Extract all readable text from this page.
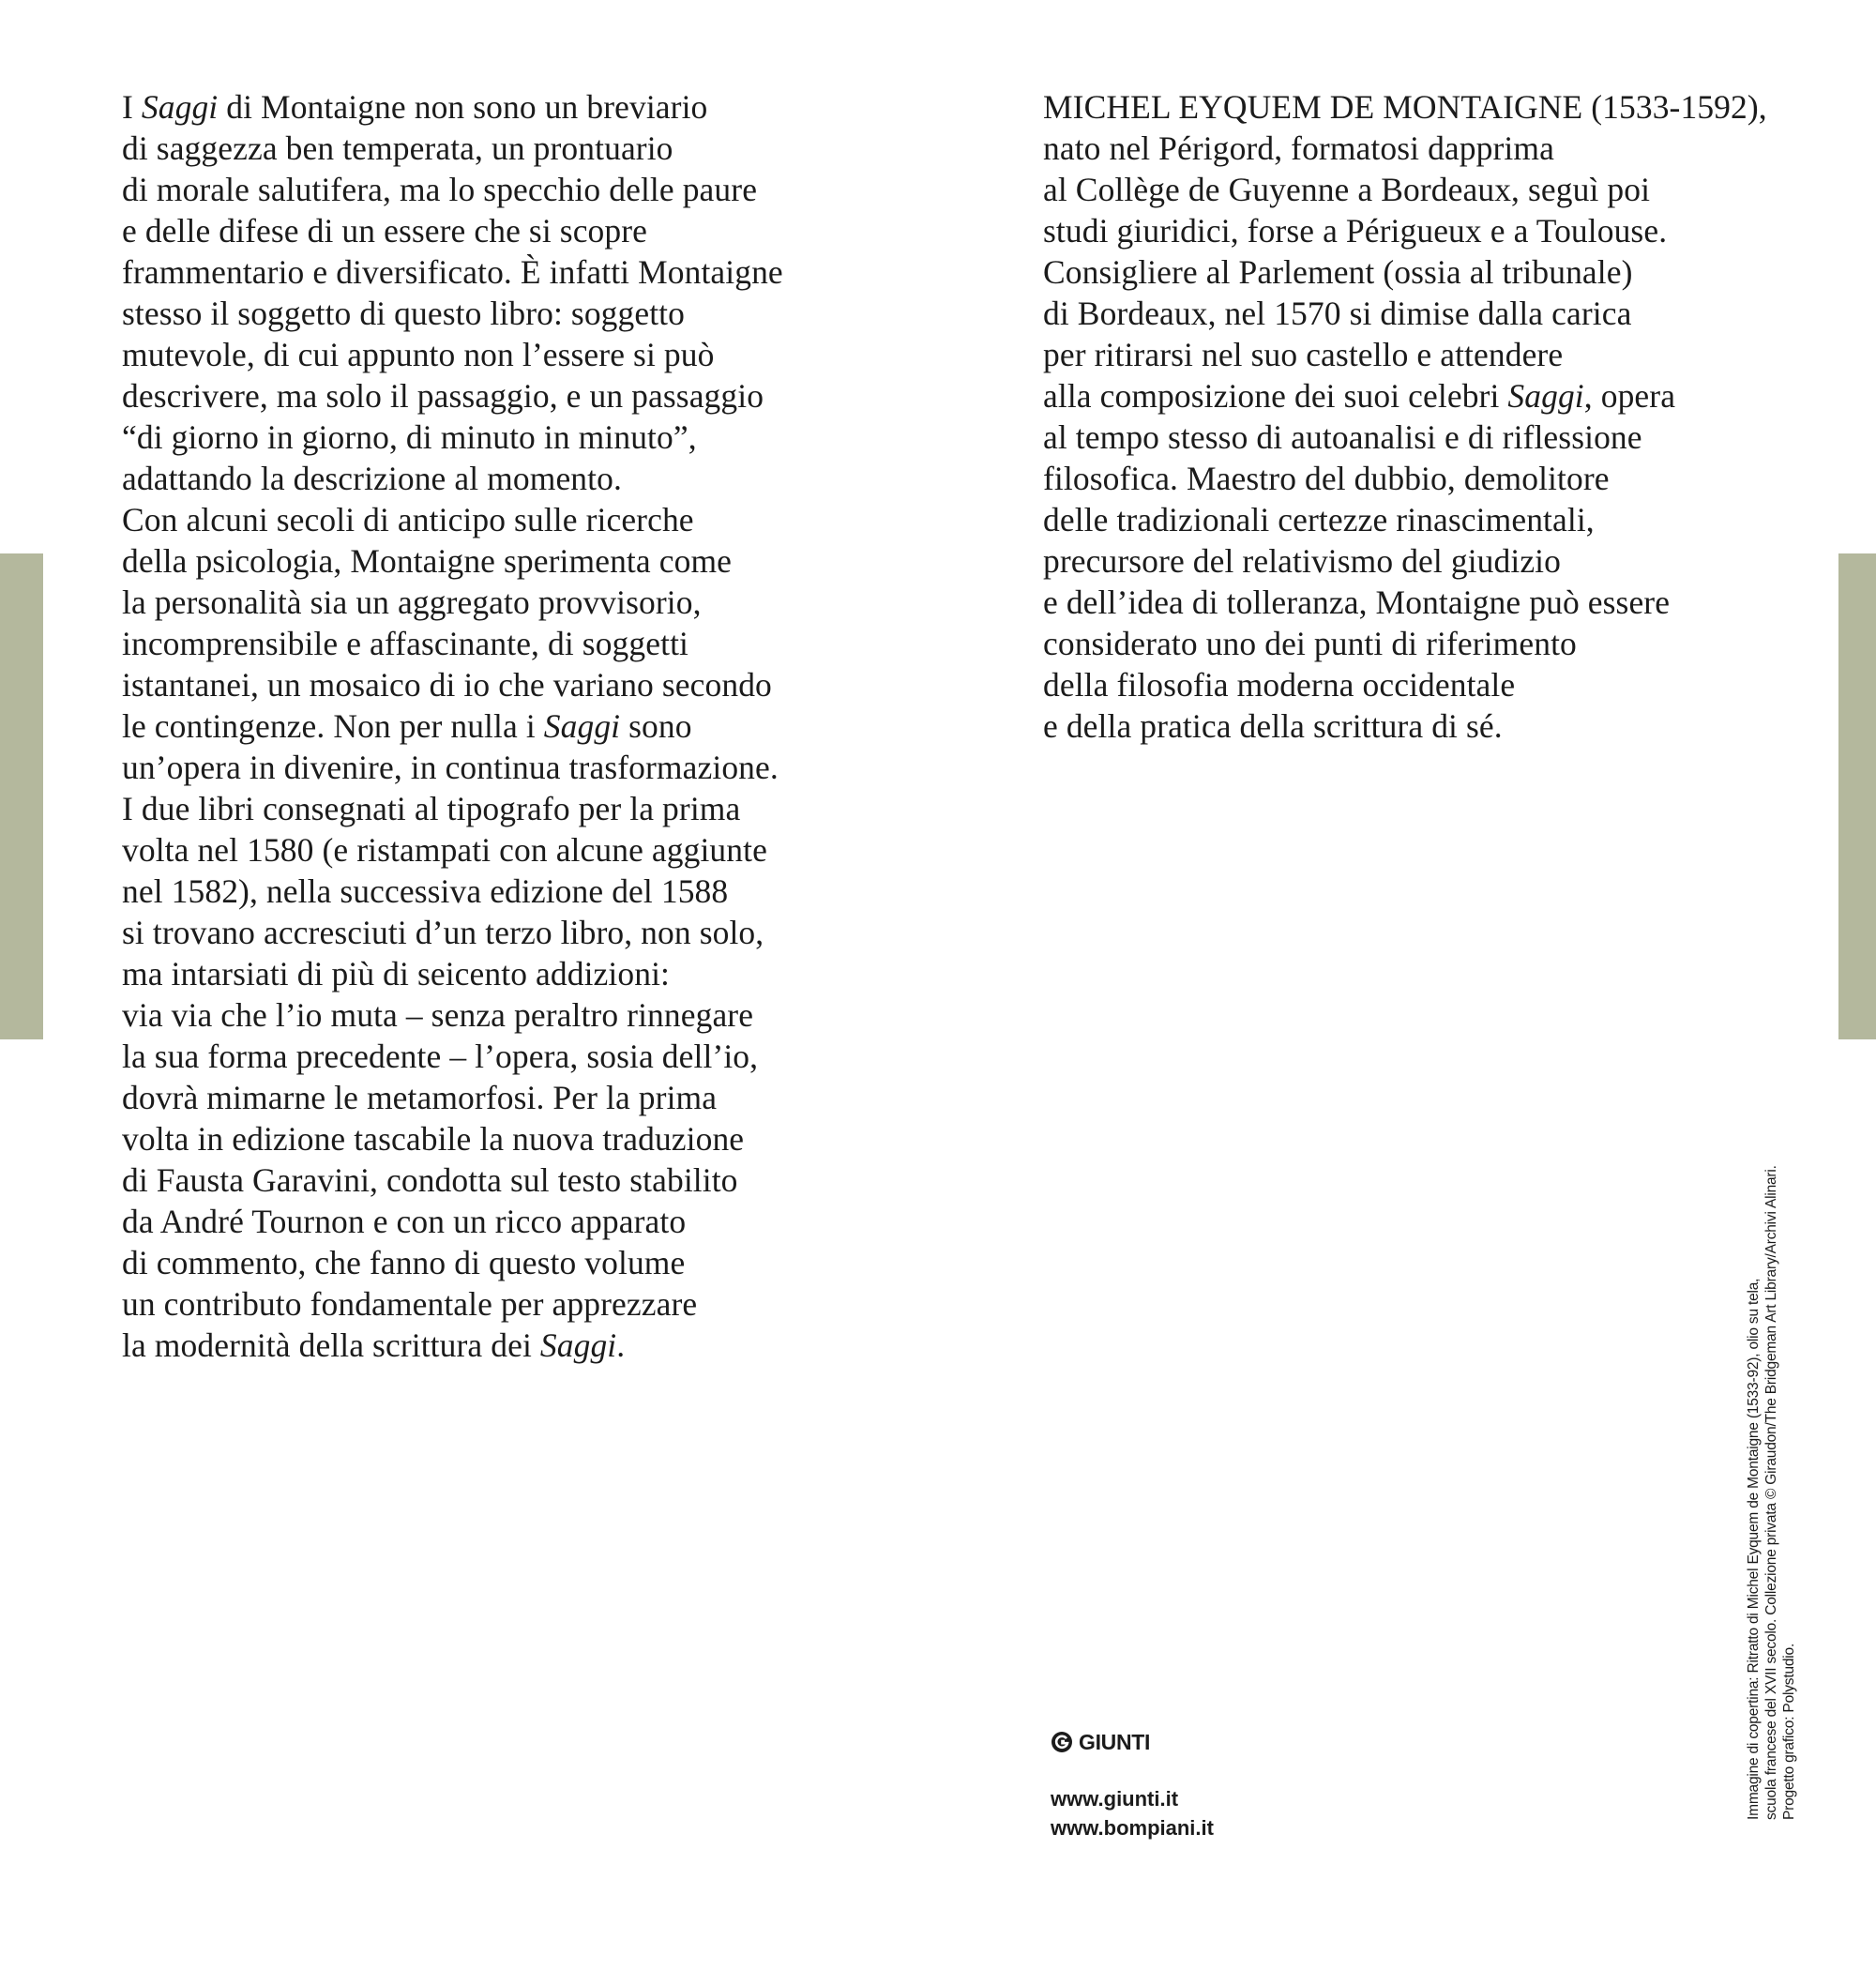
I Saggi di Montaigne non sono un breviario
di saggezza ben temperata, un prontuario
di morale salutifera, ma lo specchio delle paure
e delle difese di un essere che si scopre
frammentario e diversificato. È infatti Montaigne
stesso il soggetto di questo libro: soggetto
mutevole, di cui appunto non l’essere si può
descrivere, ma solo il passaggio, e un passaggio
“di giorno in giorno, di minuto in minuto”,
adattando la descrizione al momento.
Con alcuni secoli di anticipo sulle ricerche
della psicologia, Montaigne sperimenta come
la personalità sia un aggregato provvisorio,
incomprensibile e affascinante, di soggetti
istantanei, un mosaico di io che variano secondo
le contingenze. Non per nulla i Saggi sono
un’opera in divenire, in continua trasformazione.
I due libri consegnati al tipografo per la prima
volta nel 1580 (e ristampati con alcune aggiunte
nel 1582), nella successiva edizione del 1588
si trovano accresciuti d’un terzo libro, non solo,
ma intarsiati di più di seicento addizioni:
via via che l’io muta – senza peraltro rinnegare
la sua forma precedente – l’opera, sosia dell’io,
dovrà mimarne le metamorfosi. Per la prima
volta in edizione tascabile la nuova traduzione
di Fausta Garavini, condotta sul testo stabilito
da André Tournon e con un ricco apparato
di commento, che fanno di questo volume
un contributo fondamentale per apprezzare
la modernità della scrittura dei Saggi.
MICHEL EYQUEM DE MONTAIGNE (1533-1592),
nato nel Périgord, formatosi dapprima
al Collège de Guyenne a Bordeaux, seguì poi
studi giuridici, forse a Périgueux e a Toulouse.
Consigliere al Parlement (ossia al tribunale)
di Bordeaux, nel 1570 si dimise dalla carica
per ritirarsi nel suo castello e attendere
alla composizione dei suoi celebri Saggi, opera
al tempo stesso di autoanalisi e di riflessione
filosofica. Maestro del dubbio, demolitore
delle tradizionali certezze rinascimentali,
precursore del relativismo del giudizio
e dell’idea di tolleranza, Montaigne può essere
considerato uno dei punti di riferimento
della filosofia moderna occidentale
e della pratica della scrittura di sé.
GIUNTI
www.giunti.it
www.bompiani.it
Immagine di copertina: Ritratto di Michel Eyquem de Montaigne (1533-92), olio su tela, scuola francese del XVII secolo. Collezione privata © Giraudon/The Bridgeman Art Library/Archivi Alinari. Progetto grafico: Polystudio.
